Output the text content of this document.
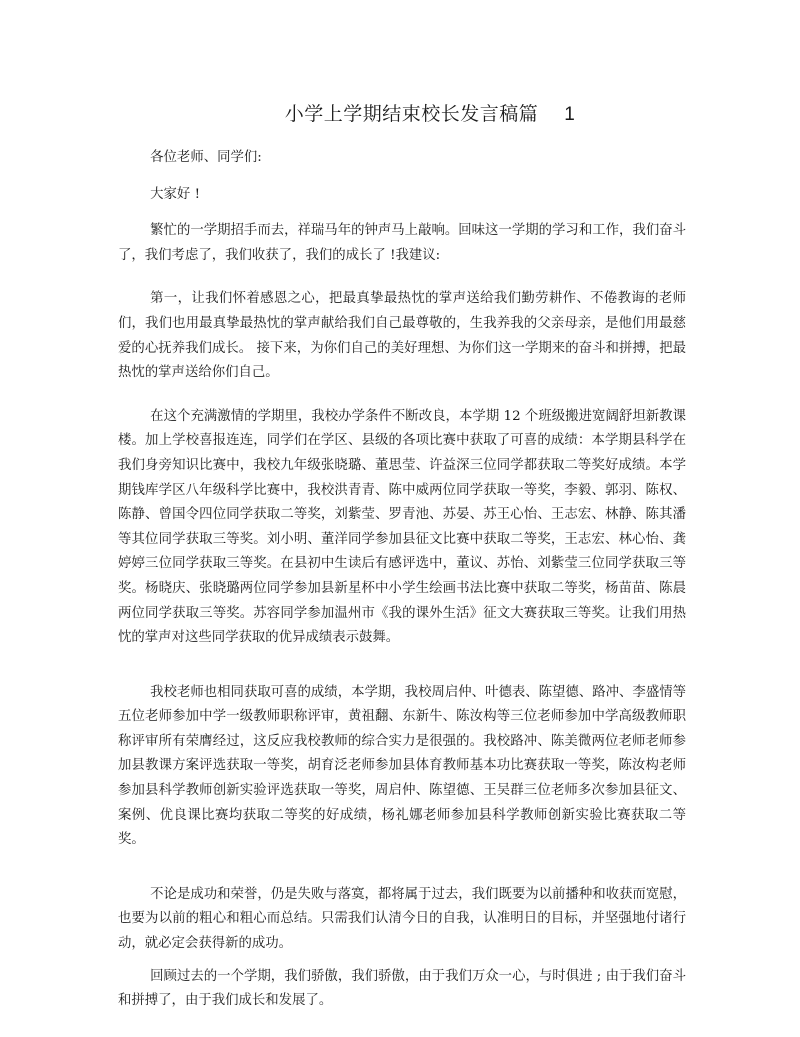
小学上学期结束校长发言稿篇 1

各位老师、同学们:

大家好 !

繁忙的一学期招手而去，祥瑞马年的钟声马上敲响。回味这一学期的学习和工作，我们奋斗了，我们考虑了，我们收获了，我们的成长了 !我建议:

第一，让我们怀着感恩之心，把最真挚最热忱的掌声送给我们勤劳耕作、不倦教诲的老师们，我们也用最真挚最热忱的掌声献给我们自己最尊敬的，生我养我的父亲母亲，是他们用最慈爱的心抚养我们成长。 接下来，为你们自己的美好理想、为你们这一学期来的奋斗和拼搏，把最热忱的掌声送给你们自己。

在这个充满激情的学期里，我校办学条件不断改良，本学期 12 个班级搬进宽阔舒坦新教课楼。加上学校喜报连连，同学们在学区、县级的各项比赛中获取了可喜的成绩：本学期县科学在我们身旁知识比赛中，我校九年级张晓璐、董思莹、许益深三位同学都获取二等奖好成绩。本学期钱库学区八年级科学比赛中，我校洪青青、陈中威两位同学获取一等奖，李毅、郭羽、陈权、陈静、曾国令四位同学获取二等奖，刘紫莹、罗青池、苏晏、苏王心怡、王志宏、林静、陈其潘等其位同学获取三等奖。刘小明、董洋同学参加县征文比赛中获取二等奖，王志宏、林心怡、龚婷婷三位同学获取三等奖。在县初中生读后有感评选中，董议、苏怡、刘紫莹三位同学获取三等奖。杨晓庆、张晓璐两位同学参加县新星杯中小学生绘画书法比赛中获取二等奖，杨苗苗、陈晨两位同学获取三等奖。苏容同学参加温州市《我的课外生活》征文大赛获取三等奖。让我们用热忱的掌声对这些同学获取的优异成绩表示鼓舞。

我校老师也相同获取可喜的成绩，本学期，我校周启仲、叶德表、陈望德、路冲、李盛情等五位老师参加中学一级教师职称评审，黄祖翻、东新牛、陈汝构等三位老师参加中学高级教师职称评审所有荣膺经过，这反应我校教师的综合实力是很强的。我校路冲、陈美微两位老师老师参加县教课方案评选获取一等奖，胡育泛老师参加县体育教师基本功比赛获取一等奖，陈汝构老师参加县科学教师创新实验评选获取一等奖，周启仲、陈望德、王吴群三位老师多次参加县征文、案例、优良课比赛均获取二等奖的好成绩，杨礼娜老师参加县科学教师创新实验比赛获取二等奖。

不论是成功和荣誉，仍是失败与落寞，都将属于过去，我们既要为以前播种和收获而宽慰，也要为以前的粗心和粗心而总结。只需我们认清今日的自我，认准明日的目标，并坚强地付诸行动，就必定会获得新的成功。

回顾过去的一个学期，我们骄傲，我们骄傲，由于我们万众一心，与时俱进 ; 由于我们奋斗和拼搏了，由于我们成长和发展了。
